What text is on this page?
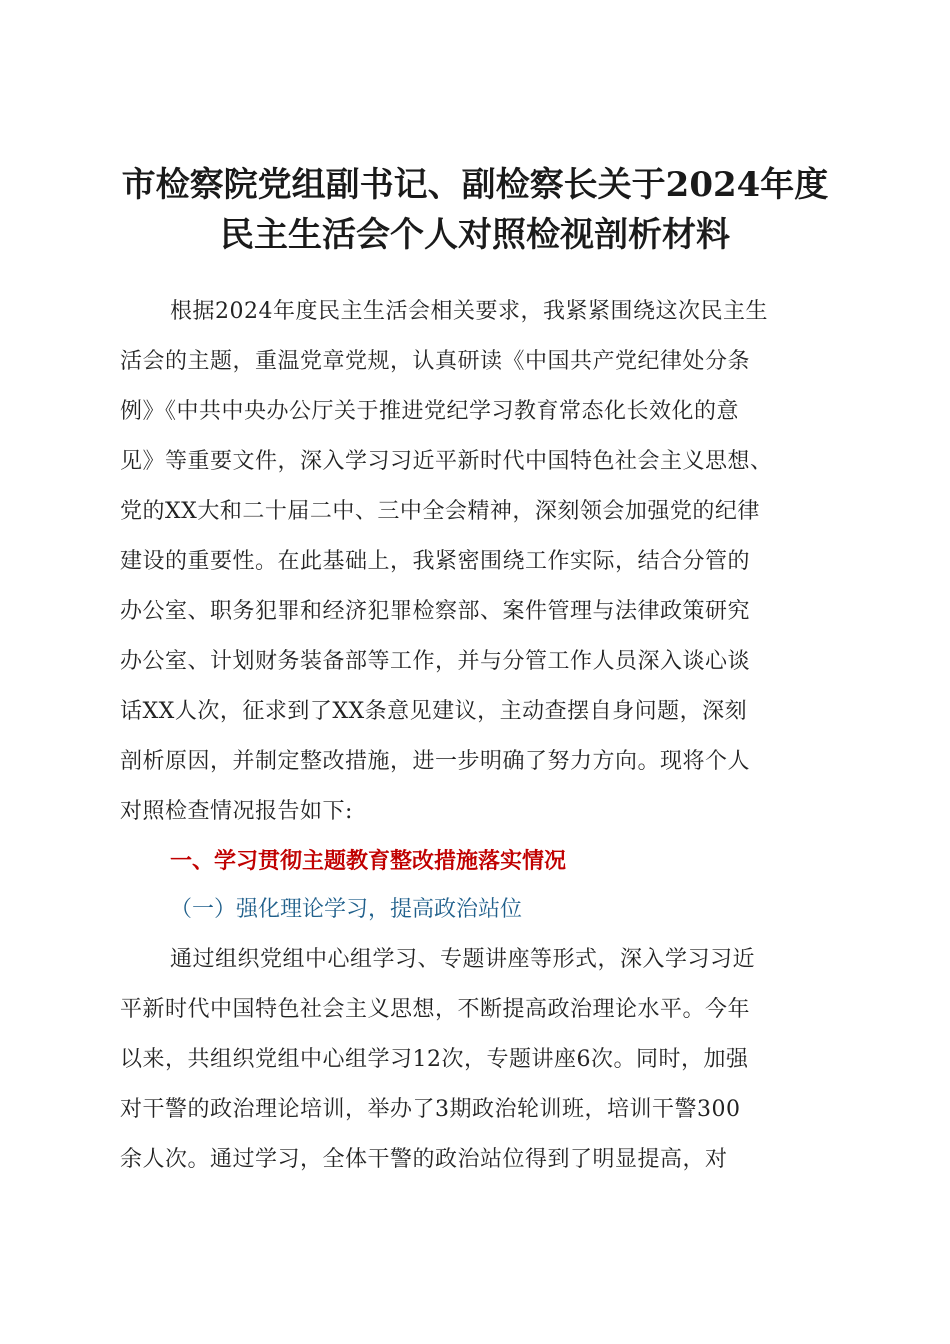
市检察院党组副书记、副检察长关于2024年度
民主生活会个人对照检视剖析材料
根据2024年度民主生活会相关要求，我紧紧围绕这次民主生
活会的主题，重温党章党规，认真研读《中国共产党纪律处分条
例》《中共中央办公厅关于推进党纪学习教育常态化长效化的意
见》等重要文件，深入学习习近平新时代中国特色社会主义思想、
党的XX大和二十届二中、三中全会精神，深刻领会加强党的纪律
建设的重要性。在此基础上，我紧密围绕工作实际，结合分管的
办公室、职务犯罪和经济犯罪检察部、案件管理与法律政策研究
办公室、计划财务装备部等工作，并与分管工作人员深入谈心谈
话XX人次，征求到了XX条意见建议，主动查摆自身问题，深刻
剖析原因，并制定整改措施，进一步明确了努力方向。现将个人
对照检查情况报告如下:
一、学习贯彻主题教育整改措施落实情况
（一）强化理论学习，提高政治站位
通过组织党组中心组学习、专题讲座等形式，深入学习习近
平新时代中国特色社会主义思想，不断提高政治理论水平。今年
以来，共组织党组中心组学习12次，专题讲座6次。同时，加强
对干警的政治理论培训，举办了3期政治轮训班，培训干警300
余人次。通过学习，全体干警的政治站位得到了明显提高，对
